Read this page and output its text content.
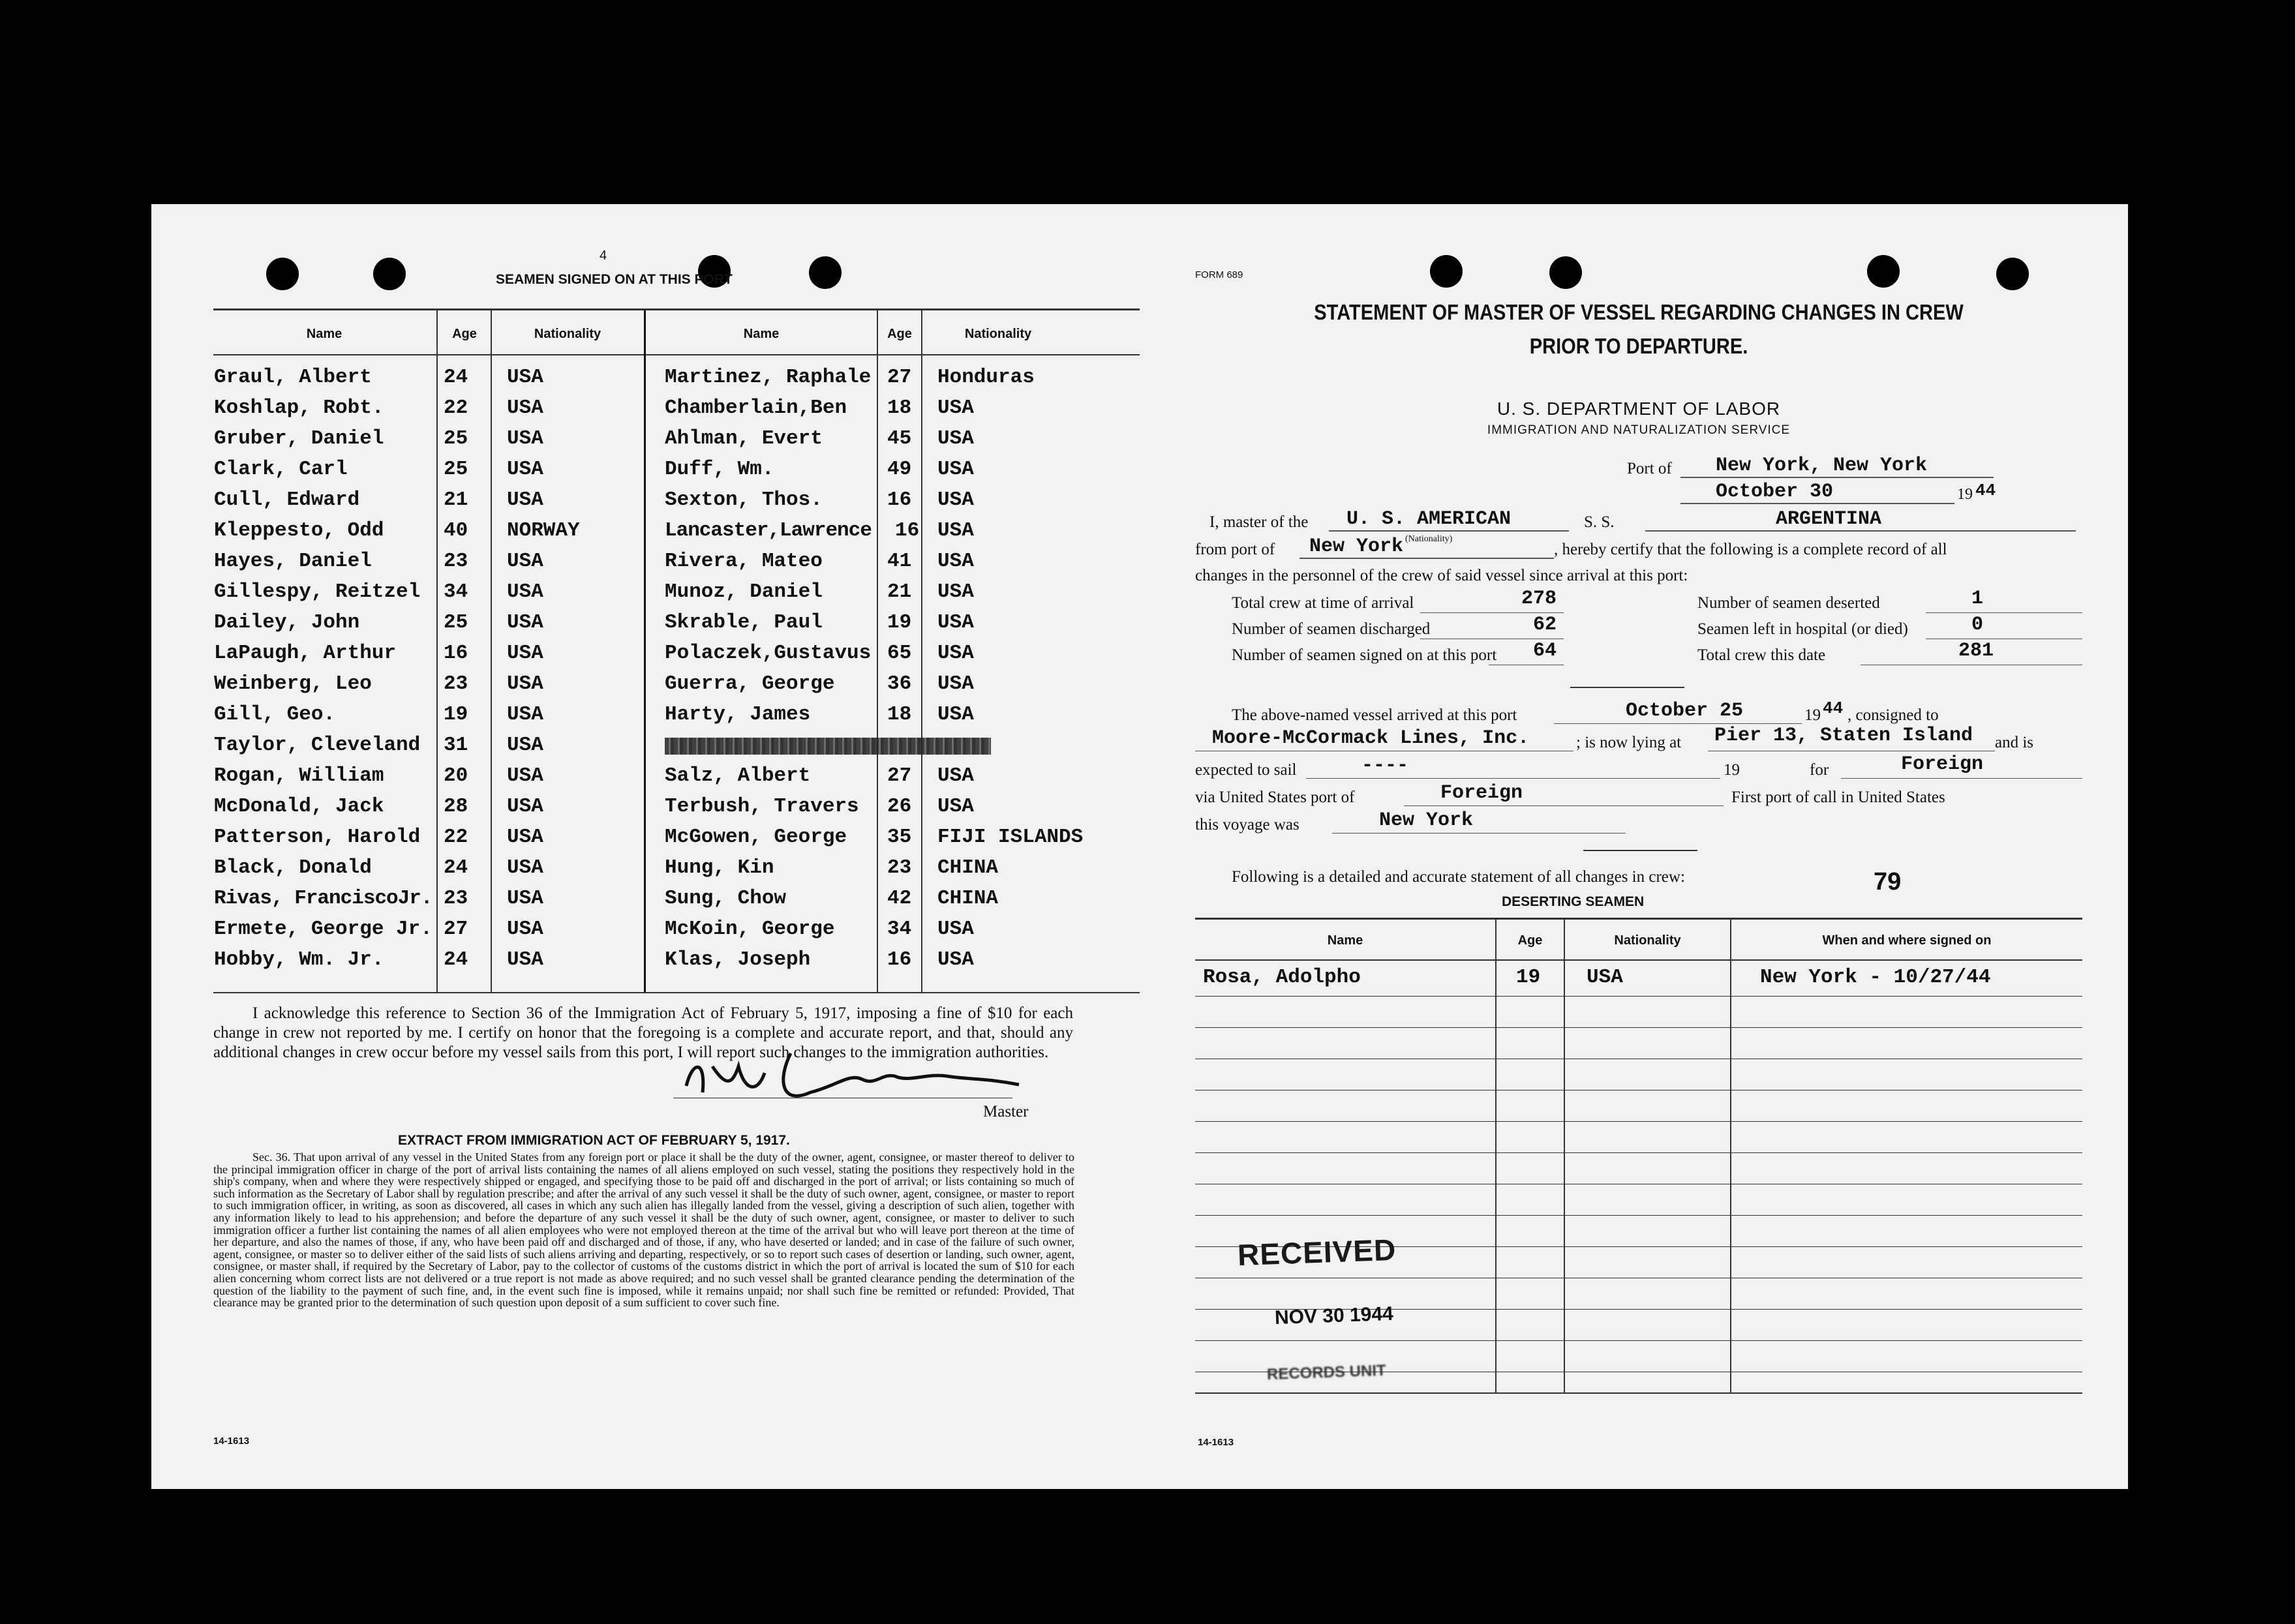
4
SEAMEN SIGNED ON AT THIS PORT
Name	Age	Nationality	Name	Age	Nationality
Graul, Albert	24 USA	Martinez, Raphale 27 Honduras
Koshlap, Robt.	22 USA	Chamberlain,Ben 18 USA
Gruber, Daniel	25 USA	Ahlman, Evert	45 USA
Clark, Carl	25 USA	Duff, Wm.	49 USA
Cull, Edward	21 USA	Sexton, Thos.	16 USA
Kleppesto, Odd	40 NORWAY	Lancaster,Lawrence 16 USA
Hayes, Daniel	23 USA	Rivera, Mateo	41 USA
Gillespy, Reitzel 34 USA	Munoz, Daniel	21 USA
Dailey, John	25 USA	Skrable, Paul	19 USA
LaPaugh, Arthur 16 USA	Polaczek,Gustavus 65 USA
Weinberg, Leo	23 USA	Guerra, George	36 USA
Gill, Geo.	19 USA	Harty, James	18 USA
Taylor, Cleveland 31 USA
Rogan, William	20 USA	Salz, Albert	27 USA
McDonald, Jack	28 USA	Terbush, Travers 26 USA
Patterson, Harold 22 USA	McGowen, George 35 FIJI ISLANDS
Black, Donald	24 USA	Hung, Kin	23 CHINA
Rivas, FranciscoJr. 23 USA	Sung, Chow	42 CHINA
Ermete, George Jr. 27 USA	McKoin, George	34 USA
Hobby, Wm. Jr.	24 USA	Klas, Joseph	16 USA
I acknowledge this reference to Section 36 of the Immigration Act of February 5, 1917, imposing a fine of $10 for each change in crew not reported by me. I certify on honor that the foregoing is a complete and accurate report, and that, should any additional changes in crew occur before my vessel sails from this port, I will report such changes to the immigration authorities.
Master
EXTRACT FROM IMMIGRATION ACT OF FEBRUARY 5, 1917.
Sec. 36. That upon arrival of any vessel in the United States from any foreign port or place it shall be the duty of the owner, agent, consignee, or master thereof to deliver to the principal immigration officer in charge of the port of arrival lists containing the names of all aliens employed on such vessel, stating the positions they respectively hold in the ship's company, when and where they were respectively shipped or engaged, and specifying those to be paid off and discharged in the port of arrival; or lists containing so much of such information as the Secretary of Labor shall by regulation prescribe; and after the arrival of any such vessel it shall be the duty of such owner, agent, consignee, or master to report to such immigration officer, in writing, as soon as discovered, all cases in which any such alien has illegally landed from the vessel, giving a description of such alien, together with any information likely to lead to his apprehension; and before the departure of any such vessel it shall be the duty of such owner, agent, consignee, or master to deliver to such immigration officer a further list containing the names of all alien employees who were not employed thereon at the time of the arrival but who will leave port thereon at the time of her departure, and also the names of those, if any, who have been paid off and discharged and of those, if any, who have deserted or landed; and in case of the failure of such owner, agent, consignee, or master so to deliver either of the said lists of such aliens arriving and departing, respectively, or so to report such cases of desertion or landing, such owner, agent, consignee, or master shall, if required by the Secretary of Labor, pay to the collector of customs of the customs district in which the port of arrival is located the sum of $10 for each alien concerning whom correct lists are not delivered or a true report is not made as above required; and no such vessel shall be granted clearance pending the determination of the question of the liability to the payment of such fine, and, in the event such fine is imposed, while it remains unpaid; nor shall such fine be remitted or refunded: Provided, That clearance may be granted prior to the determination of such question upon deposit of a sum sufficient to cover such fine.
14-1613
FORM 689
STATEMENT OF MASTER OF VESSEL REGARDING CHANGES IN CREW
PRIOR TO DEPARTURE.
U. S. DEPARTMENT OF LABOR
IMMIGRATION AND NATURALIZATION SERVICE
Port of New York, New York
October 30	19 44
I, master of the U. S. AMERICAN	S. S.	ARGENTINA
from port of New York (Nationality)
, hereby certify that the following is a complete record of all
changes in the personnel of the crew of said vessel since arrival at this port:
Total crew at time of arrival	278
Number of seamen discharged	62
Number of seamen signed on at this port 64
Number of seamen deserted	1
Seamen left in hospital (or died)	0
Total crew this date	281
The above-named vessel arrived at this port	October 25	19 44 , consigned to
Moore-McCormack Lines, Inc.	; is now lying at Pier 13, Staten Island and is
expected to sail	----	19	for	Foreign
via United States port of	Foreign	First port of call in United States
this voyage was	New York
Following is a detailed and accurate statement of all changes in crew:	79
DESERTING SEAMEN
Name	Age	Nationality	When and where signed on
Rosa, Adolpho	19 USA	New York - 10/27/44
RECEIVED
NOV 30 1944
RECORDS UNIT
14-1613
